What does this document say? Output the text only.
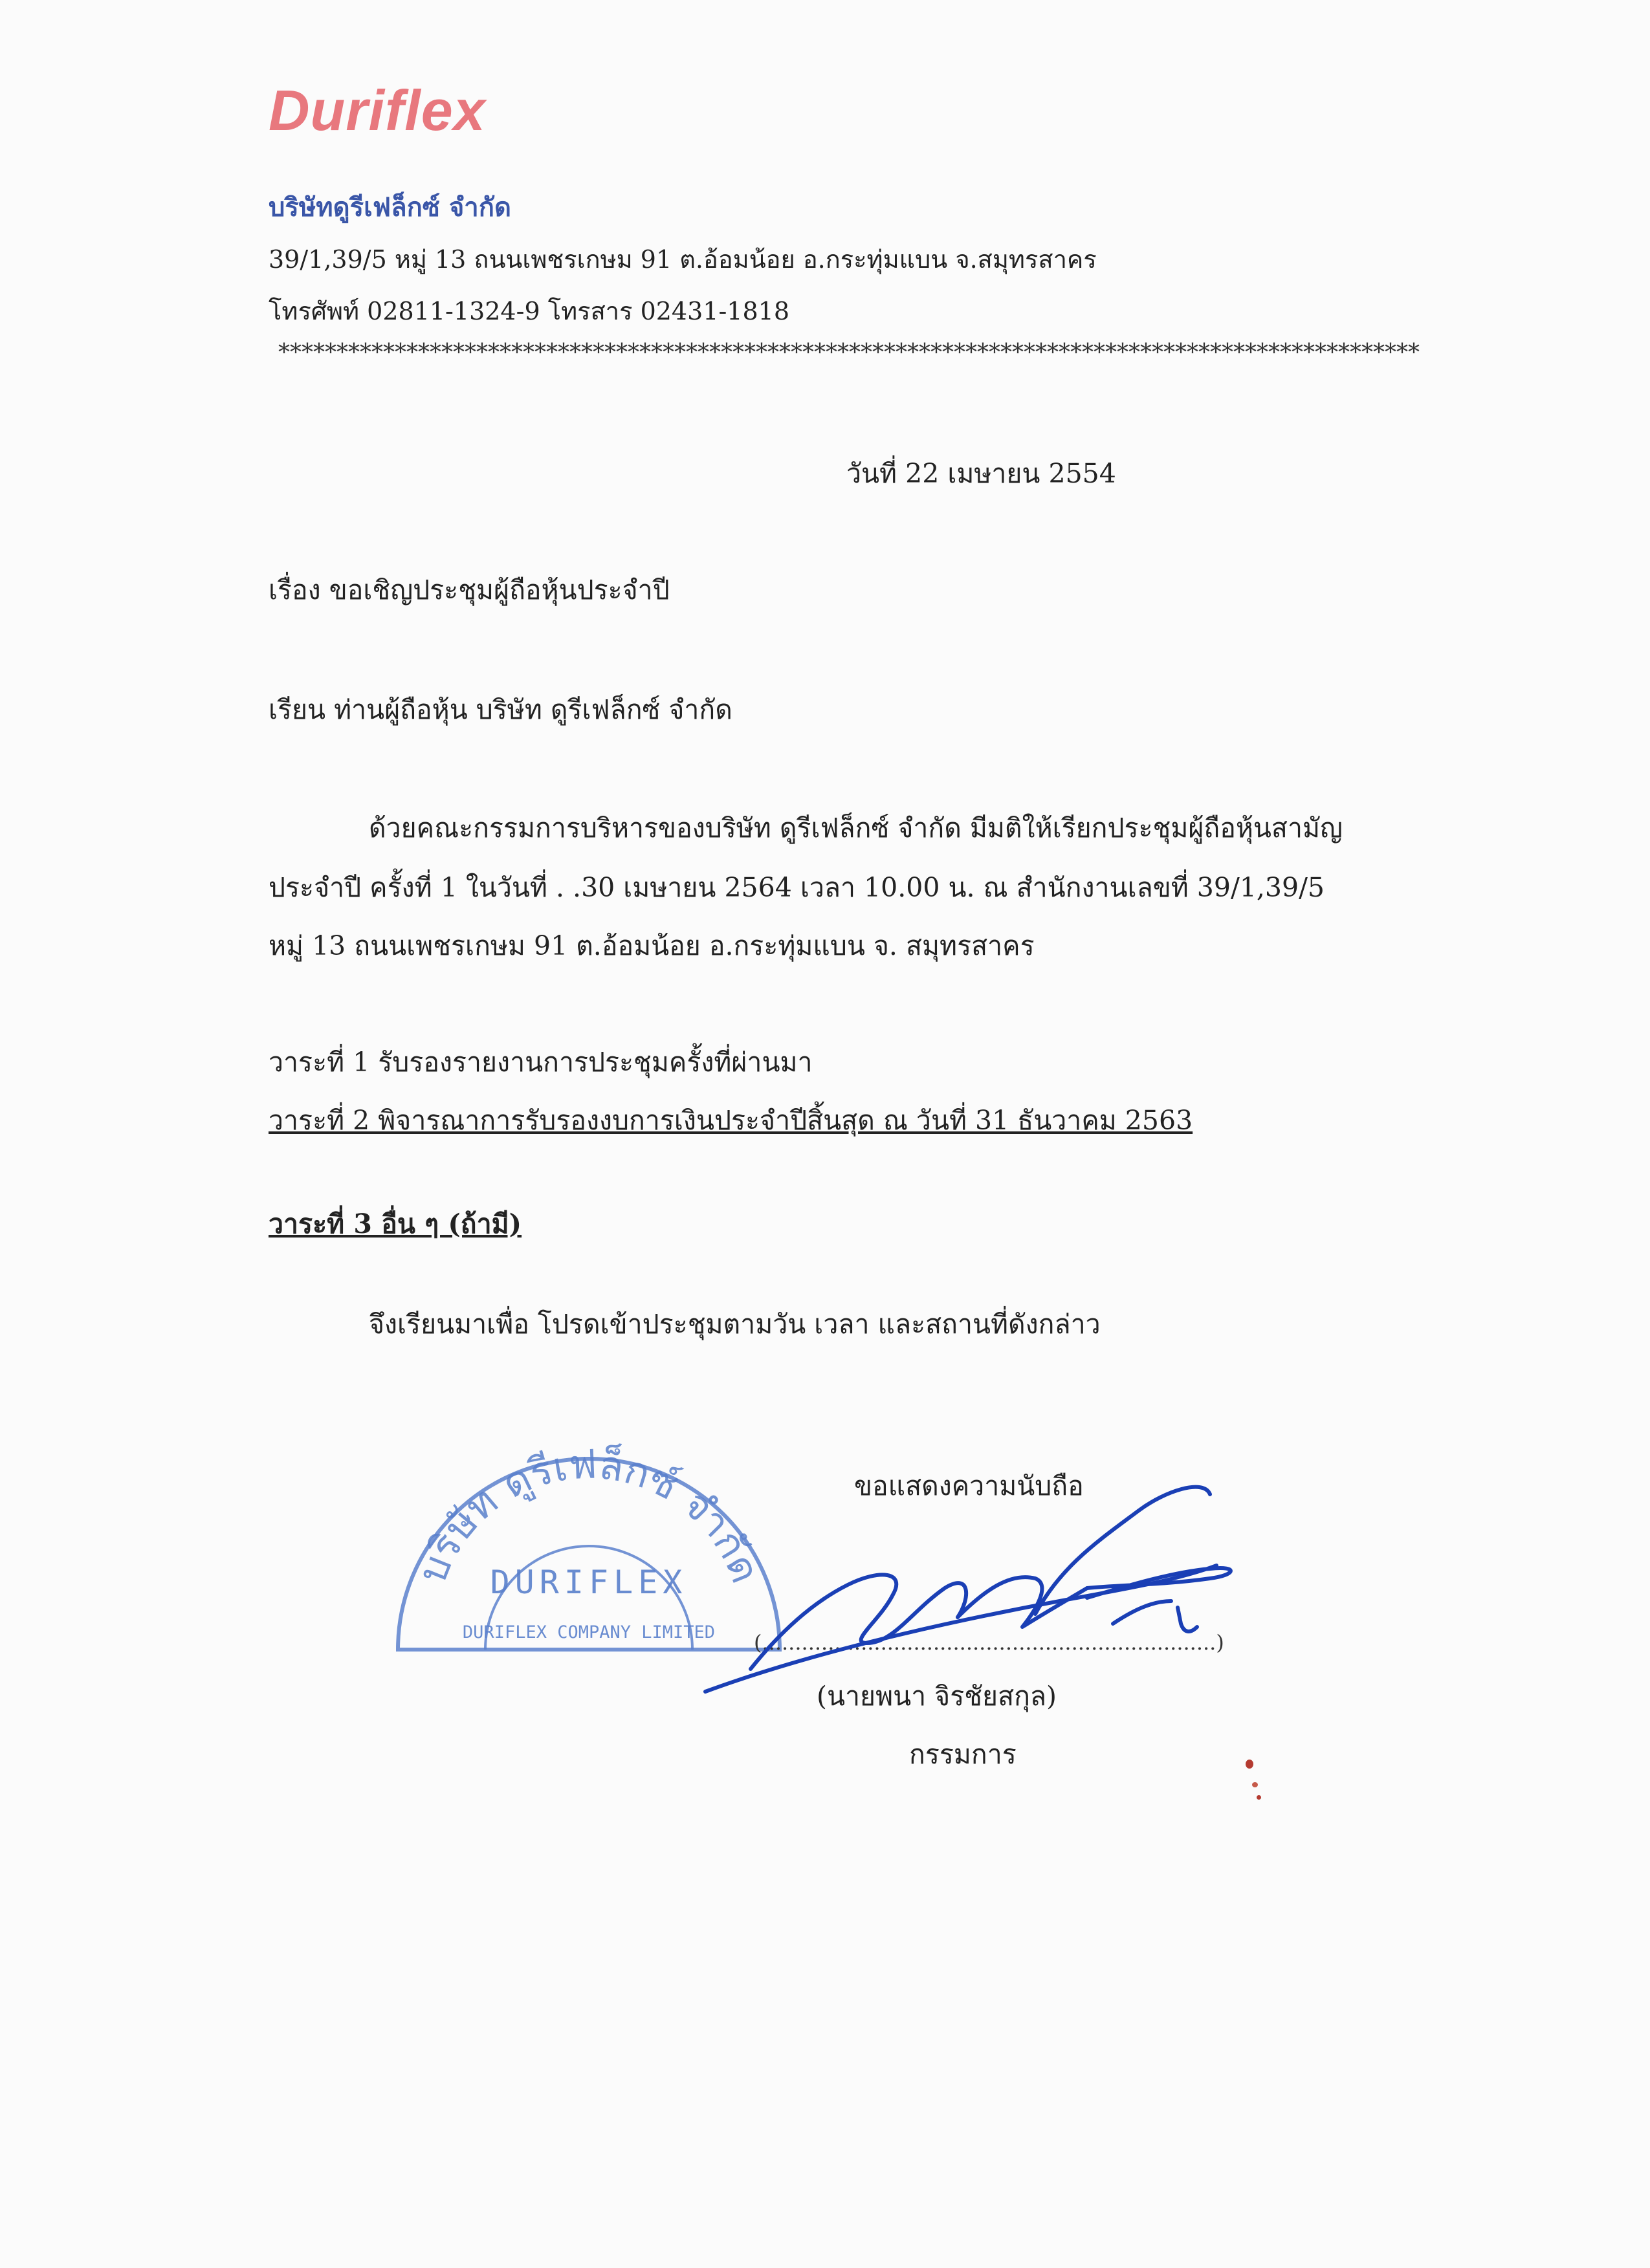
Duriflex
บริษัทดูรีเฟล็กซ์ จำกัด
39/1,39/5 หมู่ 13 ถนนเพชรเกษม 91 ต.อ้อมน้อย อ.กระทุ่มแบน จ.สมุทรสาคร
โทรศัพท์ 02811-1324-9 โทรสาร 02431-1818
**************************************************************************************************
วันที่ 22 เมษายน 2554
เรื่อง ขอเชิญประชุมผู้ถือหุ้นประจำปี
เรียน ท่านผู้ถือหุ้น บริษัท ดูรีเฟล็กซ์ จำกัด
ด้วยคณะกรรมการบริหารของบริษัท ดูรีเฟล็กซ์ จำกัด มีมติให้เรียกประชุมผู้ถือหุ้นสามัญ
ประจำปี ครั้งที่ 1 ในวันที่ . .30 เมษายน 2564 เวลา 10.00 น. ณ สำนักงานเลขที่ 39/1,39/5
หมู่ 13 ถนนเพชรเกษม 91 ต.อ้อมน้อย อ.กระทุ่มแบน จ. สมุทรสาคร
วาระที่ 1 รับรองรายงานการประชุมครั้งที่ผ่านมา
วาระที่ 2 พิจารณาการรับรองงบการเงินประจำปีสิ้นสุด ณ วันที่ 31 ธันวาคม 2563
วาระที่ 3 อื่น ๆ (ถ้ามี)
จึงเรียนมาเพื่อ โปรดเข้าประชุมตามวัน เวลา และสถานที่ดังกล่าว
ขอแสดงความนับถือ
บริษัท ดูรีเฟล็กซ์ จำกัด
DURIFLEX
DURIFLEX COMPANY LIMITED (.....................................................................)
(นายพนา จิรชัยสกุล)
กรรมการ
